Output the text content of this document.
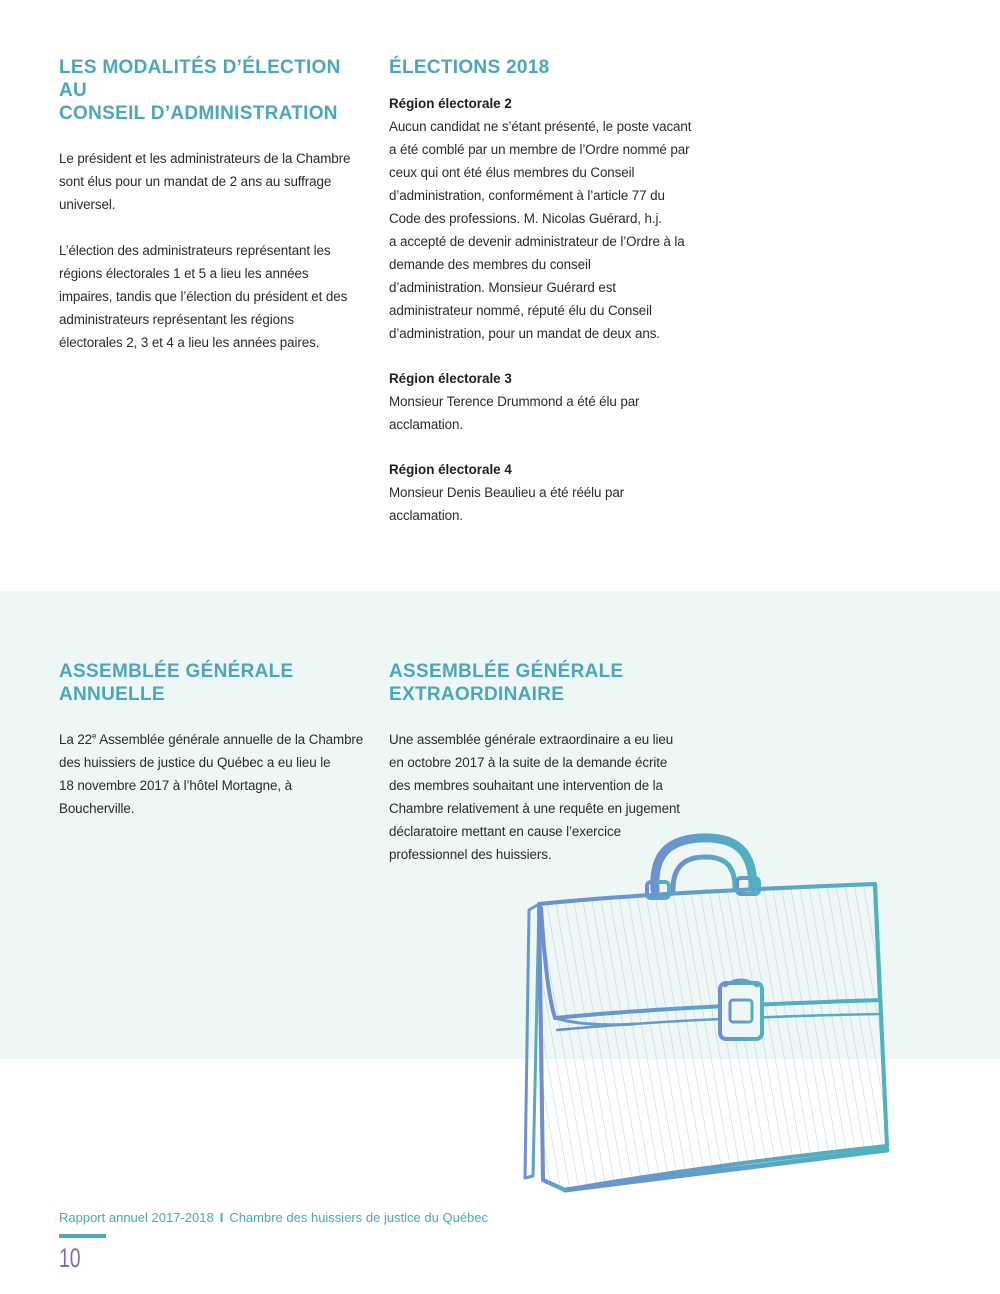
LES MODALITÉS D’ÉLECTION AU
CONSEIL D’ADMINISTRATION

Le président et les administrateurs de la Chambre
sont élus pour un mandat de 2 ans au suffrage
universel.

L’élection des administrateurs représentant les
régions électorales 1 et 5 a lieu les années
impaires, tandis que l’élection du président et des
administrateurs représentant les régions
électorales 2, 3 et 4 a lieu les années paires.

ÉLECTIONS 2018
Région électorale 2

Aucun candidat ne s’étant présenté, le poste vacant
a été comblé par un membre de l’Ordre nommé par
ceux qui ont été élus membres du Conseil
d’administration, conformément à l’article 77 du
Code des professions. M. Nicolas Guérard, h.j.
a accepté de devenir administrateur de l’Ordre à la
demande des membres du conseil
d’administration. Monsieur Guérard est
administrateur nommé, réputé élu du Conseil
d’administration, pour un mandat de deux ans.

Région électorale 3

Monsieur Terence Drummond a été élu par
acclamation.

Région électorale 4

Monsieur Denis Beaulieu a été réélu par
acclamation.

ASSEMBLÉE GÉNÉRALE
ANNUELLE

La 22e Assemblée générale annuelle de la Chambre
des huissiers de justice du Québec a eu lieu le
18 novembre 2017 à l’hôtel Mortagne, à
Boucherville.

ASSEMBLÉE GÉNÉRALE
EXTRAORDINAIRE

Une assemblée générale extraordinaire a eu lieu
en octobre 2017 à la suite de la demande écrite
des membres souhaitant une intervention de la
Chambre relativement à une requête en jugement
déclaratoire mettant en cause l’exercice
professionnel des huissiers.

Rapport annuel 2017-2018 I Chambre des huissiers de justice du Québec
10
